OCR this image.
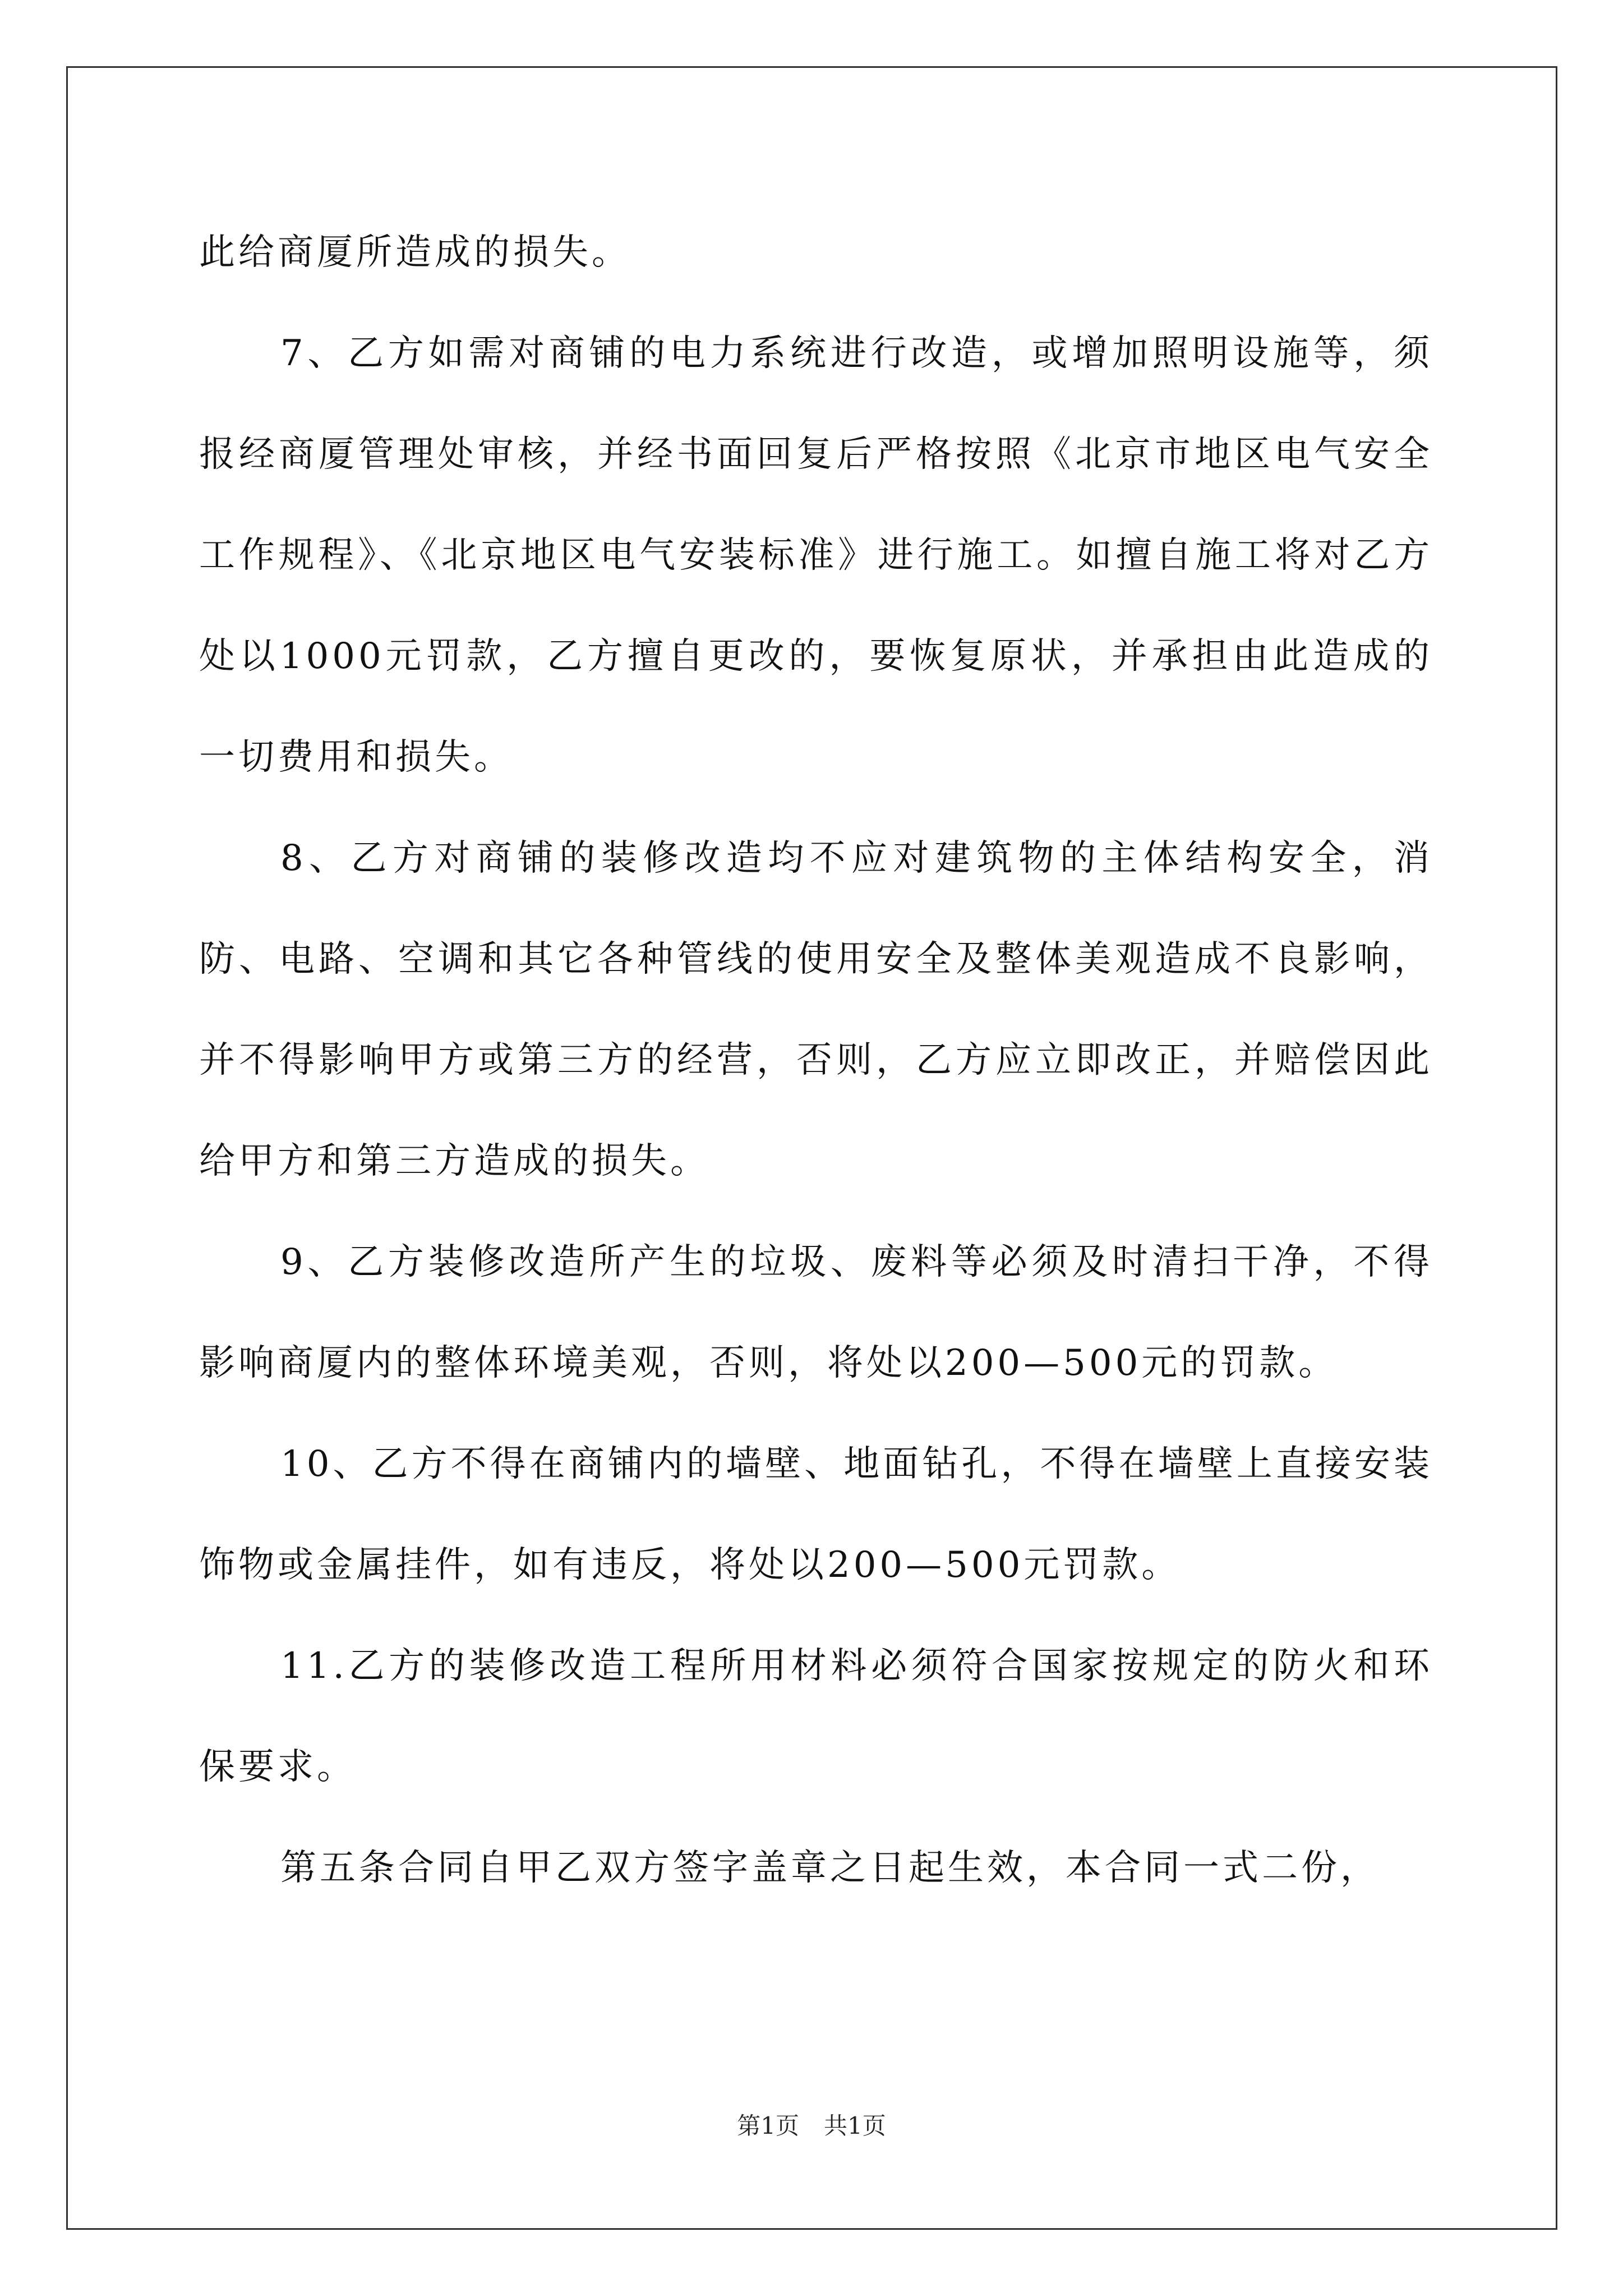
此给商厦所造成的损失。

7、乙方如需对商铺的电力系统进行改造，或增加照明设施等，须报经商厦管理处审核，并经书面回复后严格按照《北京市地区电气安全工作规程》、《北京地区电气安装标准》进行施工。如擅自施工将对乙方处以1000元罚款，乙方擅自更改的，要恢复原状，并承担由此造成的一切费用和损失。

8、乙方对商铺的装修改造均不应对建筑物的主体结构安全，消防、电路、空调和其它各种管线的使用安全及整体美观造成不良影响，并不得影响甲方或第三方的经营，否则，乙方应立即改正，并赔偿因此给甲方和第三方造成的损失。

9、乙方装修改造所产生的垃圾、废料等必须及时清扫干净，不得影响商厦内的整体环境美观，否则，将处以200—500元的罚款。

10、乙方不得在商铺内的墙壁、地面钻孔，不得在墙壁上直接安装饰物或金属挂件，如有违反，将处以200—500元罚款。

11.乙方的装修改造工程所用材料必须符合国家按规定的防火和环保要求。

第五条合同自甲乙双方签字盖章之日起生效，本合同一式二份，

第1页 共1页
